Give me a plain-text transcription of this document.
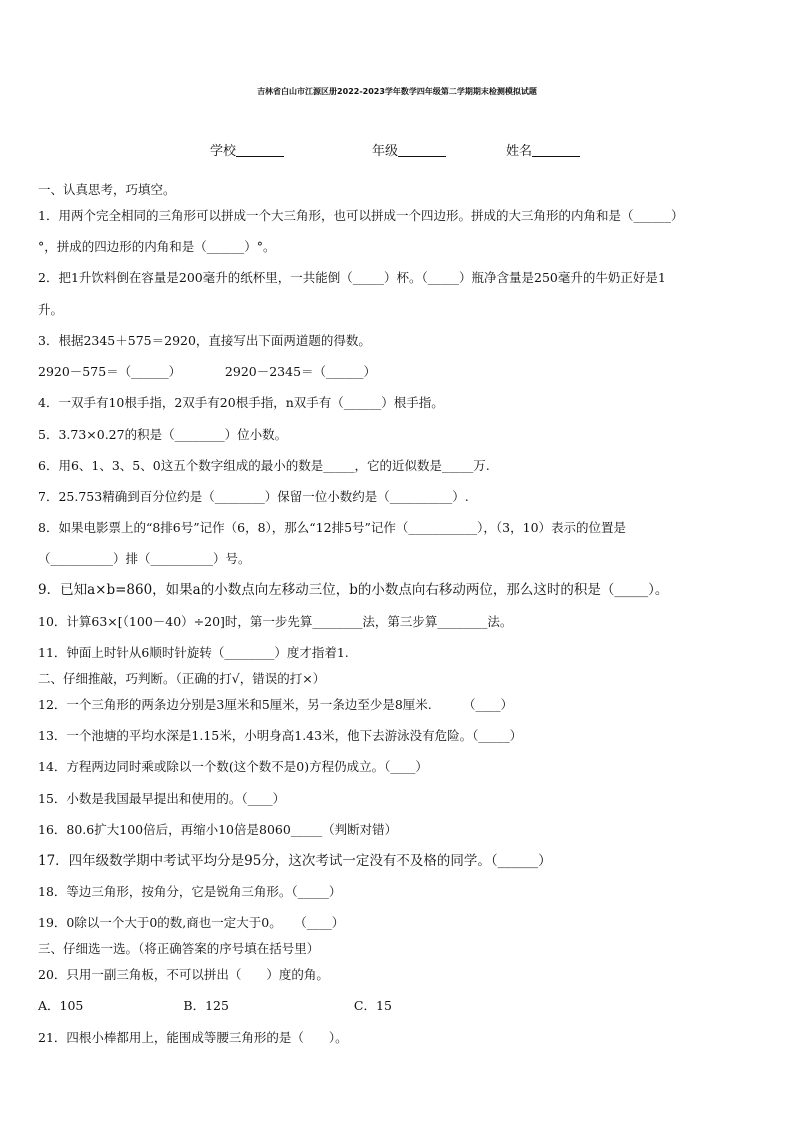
吉林省白山市江源区册2022-2023学年数学四年级第二学期期末检测模拟试题
学校	年级	姓名
一、认真思考，巧填空。
1．用两个完全相同的三角形可以拼成一个大三角形，也可以拼成一个四边形。拼成的大三角形的内角和是（______）
°，拼成的四边形的内角和是（______）°。
2．把1升饮料倒在容量是200毫升的纸杯里，一共能倒（_____）杯。（_____）瓶净含量是250毫升的牛奶正好是1
升。
3．根据2345＋575＝2920，直接写出下面两道题的得数。
2920－575＝（______）　　　　2920－2345＝（______）
4．一双手有10根手指，2双手有20根手指，n双手有（______）根手指。
5．3.73×0.27的积是（________）位小数。
6．用6、1、3、5、0这五个数字组成的最小的数是_____，它的近似数是_____万.
7．25.753精确到百分位约是（________）保留一位小数约是（__________）.
8．如果电影票上的“8排6号”记作（6，8），那么“12排5号”记作（___________），（3，10）表示的位置是
（__________）排（__________）号。
9．已知a×b=860，如果a的小数点向左移动三位，b的小数点向右移动两位，那么这时的积是（_____）。
10．计算63×[（100－40）÷20]时，第一步先算________法，第三步算________法。
11．钟面上时针从6顺时针旋转（________）度才指着1.
二、仔细推敲，巧判断。（正确的打√，错误的打×）
12．一个三角形的两条边分别是3厘米和5厘米，另一条边至少是8厘米.　　　（____）
13．一个池塘的平均水深是1.15米，小明身高1.43米，他下去游泳没有危险。（_____）
14．方程两边同时乘或除以一个数(这个数不是0)方程仍成立。（____）
15．小数是我国最早提出和使用的。（____）
16．80.6扩大100倍后，再缩小10倍是8060_____（判断对错）
17．四年级数学期中考试平均分是95分，这次考试一定没有不及格的同学。（______）
18．等边三角形，按角分，它是锐角三角形。（_____）
19．0除以一个大于0的数,商也一定大于0。　　（____）
三、仔细选一选。（将正确答案的序号填在括号里）
20．只用一副三角板，不可以拼出（　　）度的角。
A．105　　　　　　　　B．125　　　　　　　　　　C．15
21．四根小棒都用上，能围成等腰三角形的是（　　）。
